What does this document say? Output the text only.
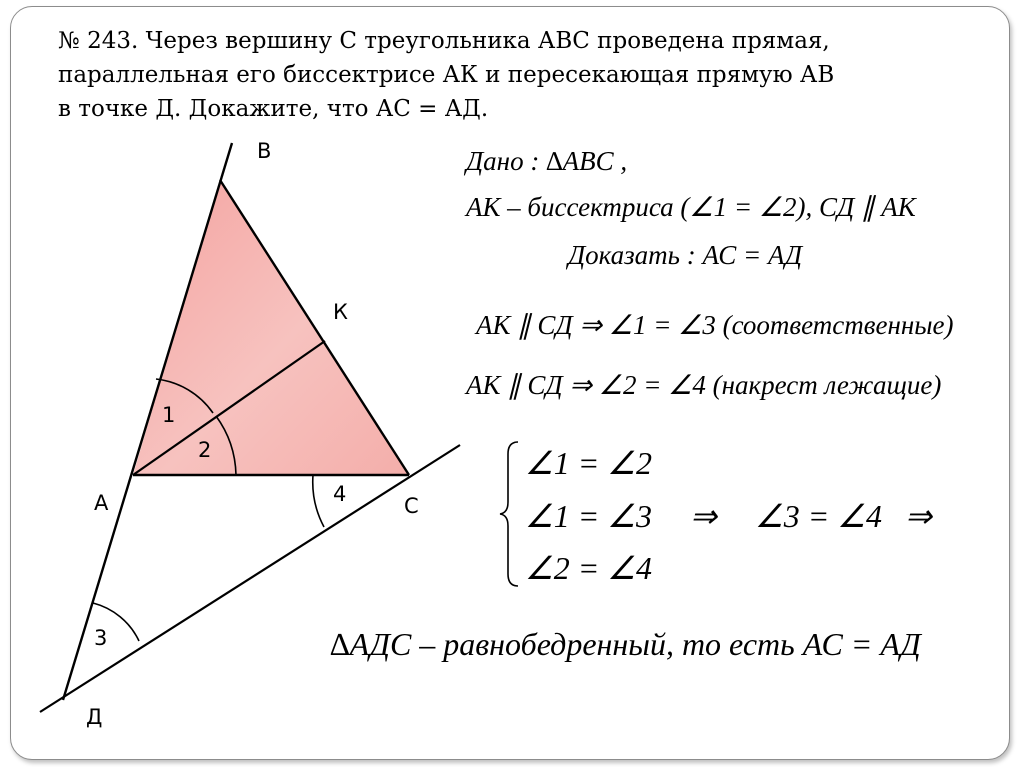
№ 243. Через вершину С треугольника АВС проведена прямая,
параллельная его биссектрисе АК и пересекающая прямую АВ
в точке Д. Докажите, что АС = АД.

В
К
А	С
Д
1
2
4
3
Дано : ∆ABC ,
АК – биссектриса (∠1 = ∠2), СД ∥ АК
Доказать : АС = АД
АК ∥ СД ⇒ ∠1 = ∠3 (соответственные)
АК ∥ СД ⇒ ∠2 = ∠4 (накрест лежащие)
∠1 = ∠2
∠1 = ∠3
∠2 = ∠4
⇒ ∠3 = ∠4 ⇒
∆АДС – равнобедренный, то есть АС = АД
